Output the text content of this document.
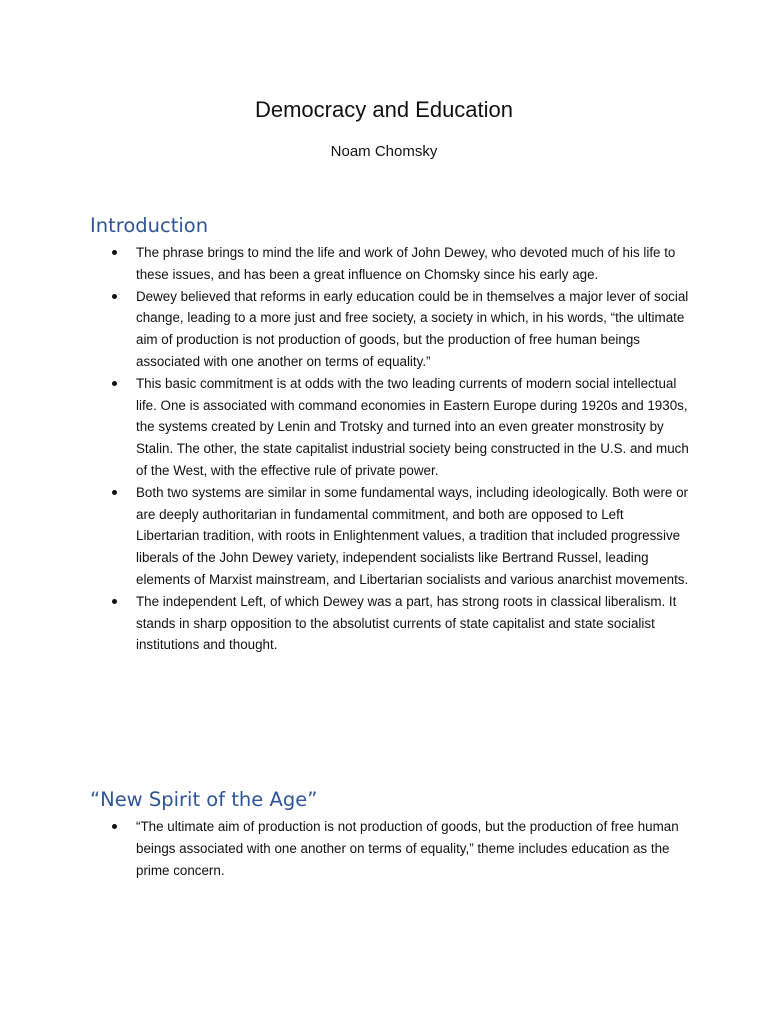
Democracy and Education
Noam Chomsky
Introduction
The phrase brings to mind the life and work of John Dewey, who devoted much of his life to these issues, and has been a great influence on Chomsky since his early age.
Dewey believed that reforms in early education could be in themselves a major lever of social change, leading to a more just and free society, a society in which, in his words, “the ultimate aim of production is not production of goods, but the production of free human beings associated with one another on terms of equality.”
This basic commitment is at odds with the two leading currents of modern social intellectual life. One is associated with command economies in Eastern Europe during 1920s and 1930s, the systems created by Lenin and Trotsky and turned into an even greater monstrosity by Stalin. The other, the state capitalist industrial society being constructed in the U.S. and much of the West, with the effective rule of private power.
Both two systems are similar in some fundamental ways, including ideologically. Both were or are deeply authoritarian in fundamental commitment, and both are opposed to Left Libertarian tradition, with roots in Enlightenment values, a tradition that included progressive liberals of the John Dewey variety, independent socialists like Bertrand Russel, leading elements of Marxist mainstream, and Libertarian socialists and various anarchist movements.
The independent Left, of which Dewey was a part, has strong roots in classical liberalism. It stands in sharp opposition to the absolutist currents of state capitalist and state socialist institutions and thought.
“New Spirit of the Age”
“The ultimate aim of production is not production of goods, but the production of free human beings associated with one another on terms of equality,” theme includes education as the prime concern.
